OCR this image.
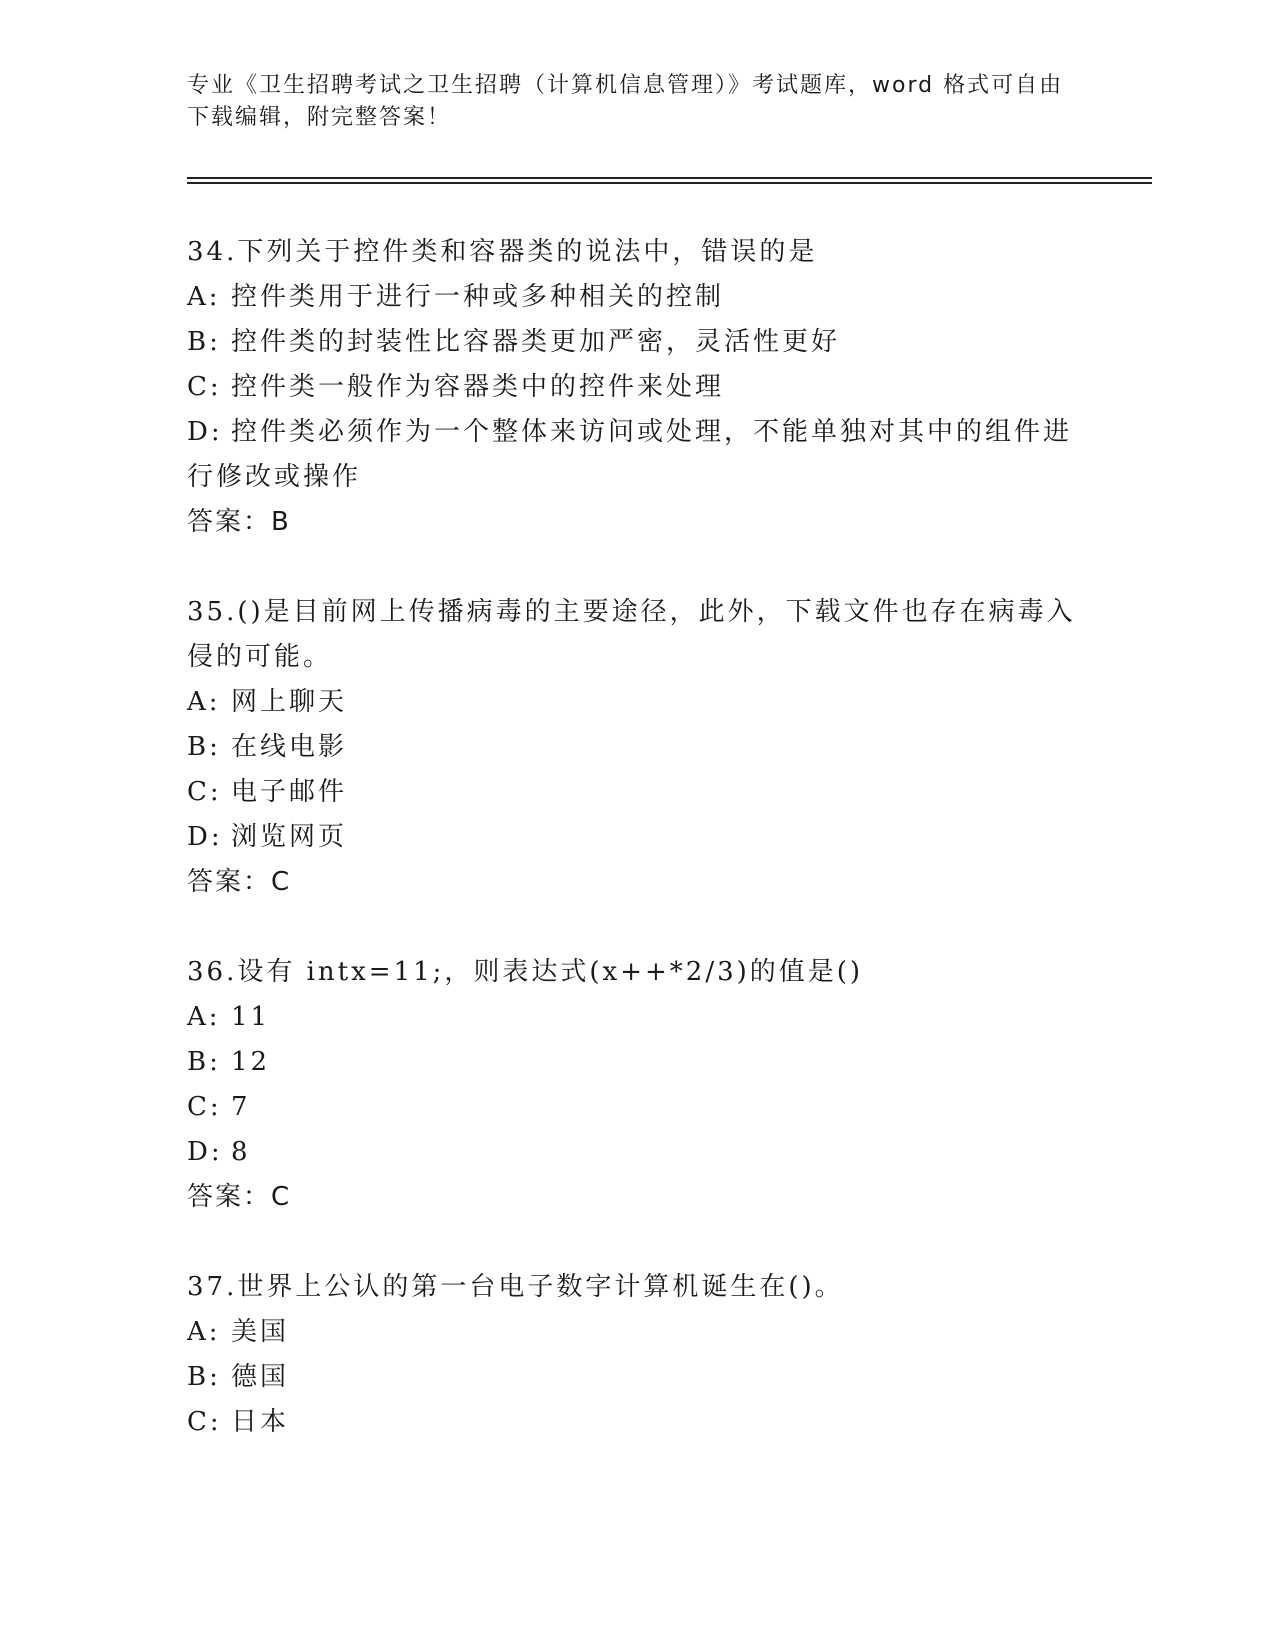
专业《卫生招聘考试之卫生招聘（计算机信息管理）》考试题库，word 格式可自由下载编辑，附完整答案！

34.下列关于控件类和容器类的说法中，错误的是

A: 控件类用于进行一种或多种相关的控制

B: 控件类的封装性比容器类更加严密，灵活性更好

C: 控件类一般作为容器类中的控件来处理

D: 控件类必须作为一个整体来访问或处理，不能单独对其中的组件进行修改或操作

答案：B

35.()是目前网上传播病毒的主要途径，此外，下载文件也存在病毒入侵的可能。

A: 网上聊天

B: 在线电影

C: 电子邮件

D: 浏览网页

答案：C

36.设有 intx=11;，则表达式(x++*2/3)的值是()

A: 11

B: 12

C: 7

D: 8

答案：C

37.世界上公认的第一台电子数字计算机诞生在()。

A: 美国

B: 德国

C: 日本
